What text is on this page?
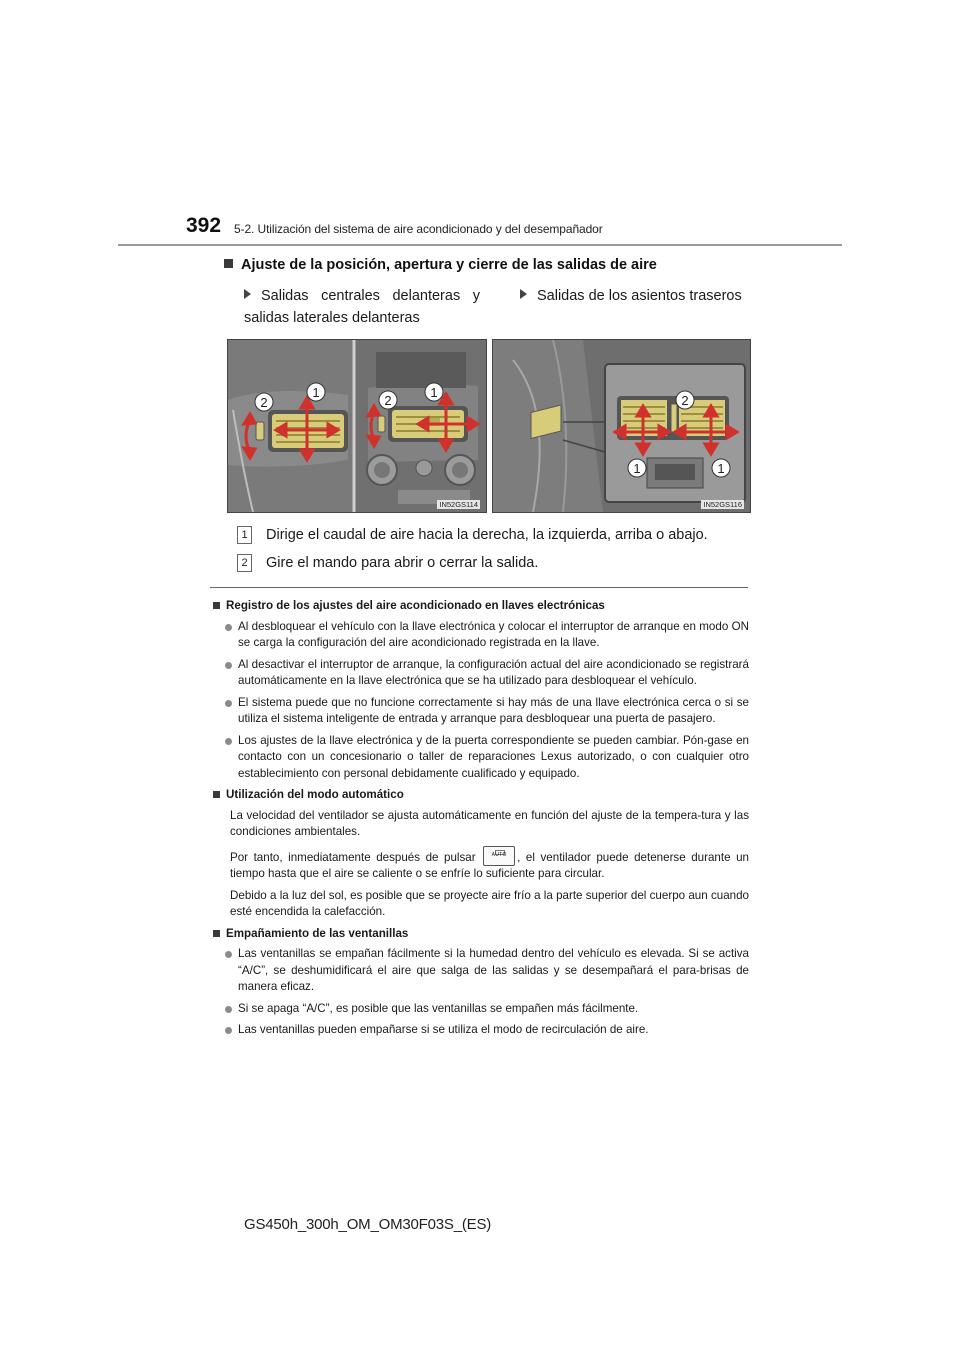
392 5-2. Utilización del sistema de aire acondicionado y del desempañador
Ajuste de la posición, apertura y cierre de las salidas de aire
Salidas centrales delanteras y salidas laterales delanteras
Salidas de los asientos traseros
1
2
1
2
IN52GS114
2
1	1
IN52GS116
1 Dirige el caudal de aire hacia la derecha, la izquierda, arriba o abajo.
2 Gire el mando para abrir o cerrar la salida.
Registro de los ajustes del aire acondicionado en llaves electrónicas
Al desbloquear el vehículo con la llave electrónica y colocar el interruptor de arranque en modo ON se carga la configuración del aire acondicionado registrada en la llave.
Al desactivar el interruptor de arranque, la configuración actual del aire acondicionado se registrará automáticamente en la llave electrónica que se ha utilizado para desbloquear el vehículo.
El sistema puede que no funcione correctamente si hay más de una llave electrónica cerca o si se utiliza el sistema inteligente de entrada y arranque para desbloquear una puerta de pasajero.
Los ajustes de la llave electrónica y de la puerta correspondiente se pueden cambiar. Pón-gase en contacto con un concesionario o taller de reparaciones Lexus autorizado, o con cualquier otro establecimiento con personal debidamente cualificado y equipado.
Utilización del modo automático
La velocidad del ventilador se ajusta automáticamente en función del ajuste de la tempera-tura y las condiciones ambientales.
Por tanto, inmediatamente después de pulsar	AUTO , el ventilador puede detenerse durante un tiempo hasta que el aire se caliente o se enfríe lo suficiente para circular.
Debido a la luz del sol, es posible que se proyecte aire frío a la parte superior del cuerpo aun cuando esté encendida la calefacción.
Empañamiento de las ventanillas
Las ventanillas se empañan fácilmente si la humedad dentro del vehículo es elevada. Si se activa “A/C”, se deshumidificará el aire que salga de las salidas y se desempañará el para-brisas de manera eficaz.
Si se apaga “A/C”, es posible que las ventanillas se empañen más fácilmente.
Las ventanillas pueden empañarse si se utiliza el modo de recirculación de aire.
GS450h_300h_OM_OM30F03S_(ES)
